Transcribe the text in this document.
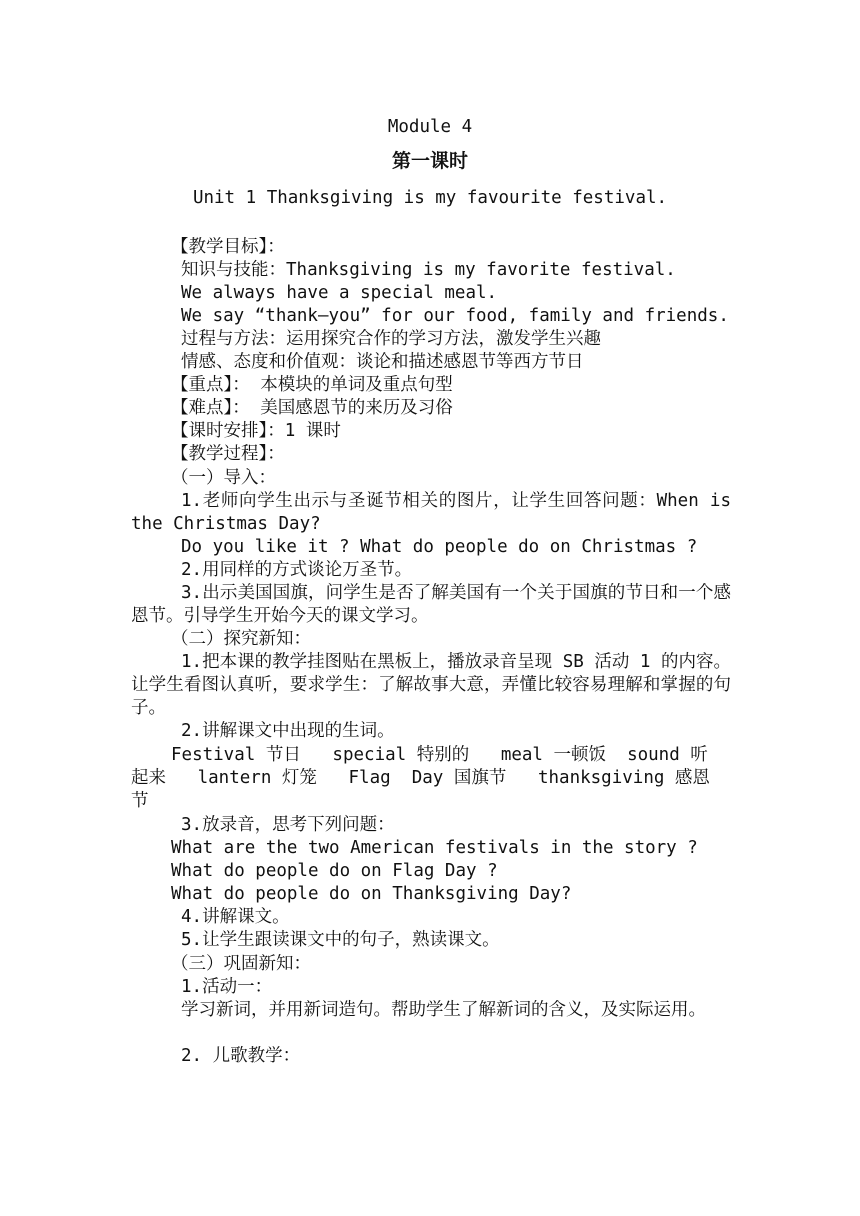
Module 4
第一课时
Unit 1 Thanksgiving is my favourite festival.
【教学目标】：
知识与技能：Thanksgiving is my favorite festival.
We always have a special meal.
We say “thank—you” for our food, family and friends.
过程与方法：运用探究合作的学习方法，激发学生兴趣
情感、态度和价值观：谈论和描述感恩节等西方节日
【重点】： 本模块的单词及重点句型
【难点】： 美国感恩节的来历及习俗
【课时安排】：1 课时
【教学过程】：
（一）导入：
1.老师向学生出示与圣诞节相关的图片，让学生回答问题：When is the Christmas Day?
Do you like it ? What do people do on Christmas ?
2.用同样的方式谈论万圣节。
3.出示美国国旗，问学生是否了解美国有一个关于国旗的节日和一个感恩节。引导学生开始今天的课文学习。
（二）探究新知：
1.把本课的教学挂图贴在黑板上，播放录音呈现 SB 活动 1 的内容。让学生看图认真听，要求学生：了解故事大意，弄懂比较容易理解和掌握的句子。
2.讲解课文中出现的生词。
Festival 节日   special 特别的   meal 一顿饭  sound 听
起来   lantern 灯笼   Flag  Day 国旗节   thanksgiving 感恩
节
3.放录音，思考下列问题：
What are the two American festivals in the story ?
What do people do on Flag Day ?
What do people do on Thanksgiving Day?
4.讲解课文。
5.让学生跟读课文中的句子，熟读课文。
（三）巩固新知：
1.活动一：
学习新词，并用新词造句。帮助学生了解新词的含义，及实际运用。
2. 儿歌教学：
